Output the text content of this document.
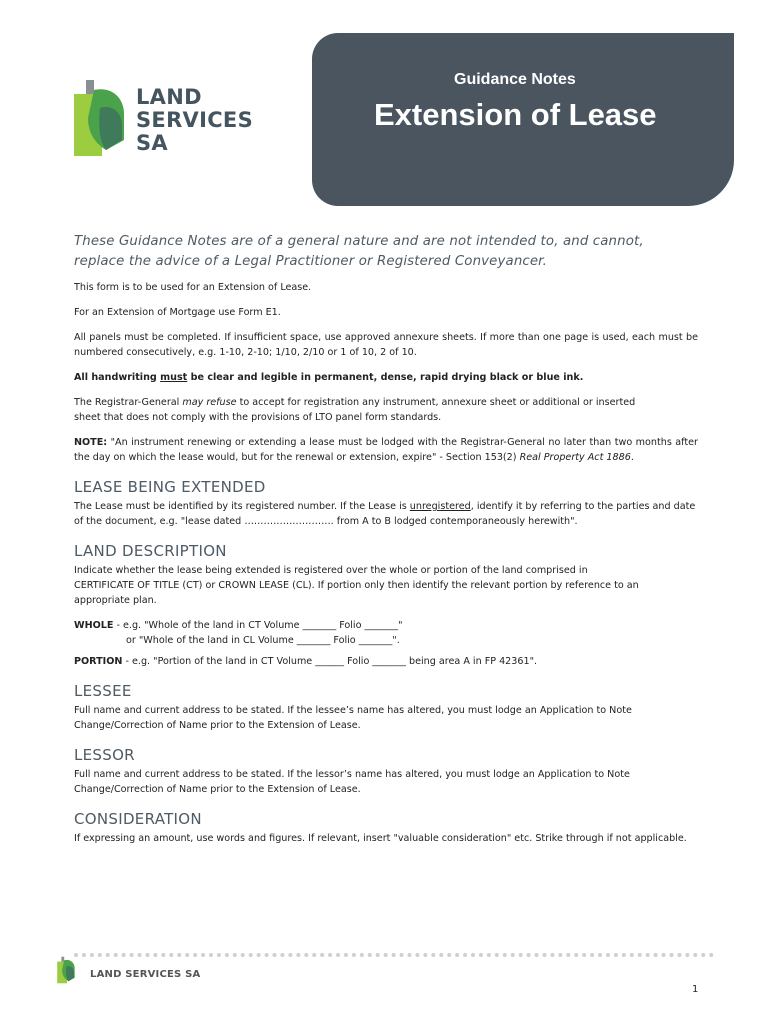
LAND
SERVICES
SA
Guidance Notes
Extension of Lease
These Guidance Notes are of a general nature and are not intended to, and cannot, replace the advice of a Legal Practitioner or Registered Conveyancer.

This form is to be used for an Extension of Lease.

For an Extension of Mortgage use Form E1.

All panels must be completed. If insufficient space, use approved annexure sheets. If more than one page is used, each must be numbered consecutively, e.g. 1-10, 2-10; 1/10, 2/10 or 1 of 10, 2 of 10.

All handwriting must be clear and legible in permanent, dense, rapid drying black or blue ink.

The Registrar-General may refuse to accept for registration any instrument, annexure sheet or additional or inserted sheet that does not comply with the provisions of LTO panel form standards.

NOTE: "An instrument renewing or extending a lease must be lodged with the Registrar-General no later than two months after the day on which the lease would, but for the renewal or extension, expire" - Section 153(2) Real Property Act 1886.

LEASE BEING EXTENDED

The Lease must be identified by its registered number. If the Lease is unregistered, identify it by referring to the parties and date of the document, e.g. "lease dated ………………………. from A to B lodged contemporaneously herewith".

LAND DESCRIPTION

Indicate whether the lease being extended is registered over the whole or portion of the land comprised in CERTIFICATE OF TITLE (CT) or CROWN LEASE (CL). If portion only then identify the relevant portion by reference to an appropriate plan.

WHOLE - e.g. "Whole of the land in CT Volume _______ Folio _______"
or "Whole of the land in CL Volume _______ Folio _______".

PORTION - e.g. "Portion of the land in CT Volume ______ Folio _______ being area A in FP 42361".

LESSEE

Full name and current address to be stated. If the lessee’s name has altered, you must lodge an Application to Note Change/Correction of Name prior to the Extension of Lease.

LESSOR

Full name and current address to be stated. If the lessor’s name has altered, you must lodge an Application to Note Change/Correction of Name prior to the Extension of Lease.

CONSIDERATION

If expressing an amount, use words and figures. If relevant, insert "valuable consideration" etc. Strike through if not applicable.

LAND SERVICES SA
1
